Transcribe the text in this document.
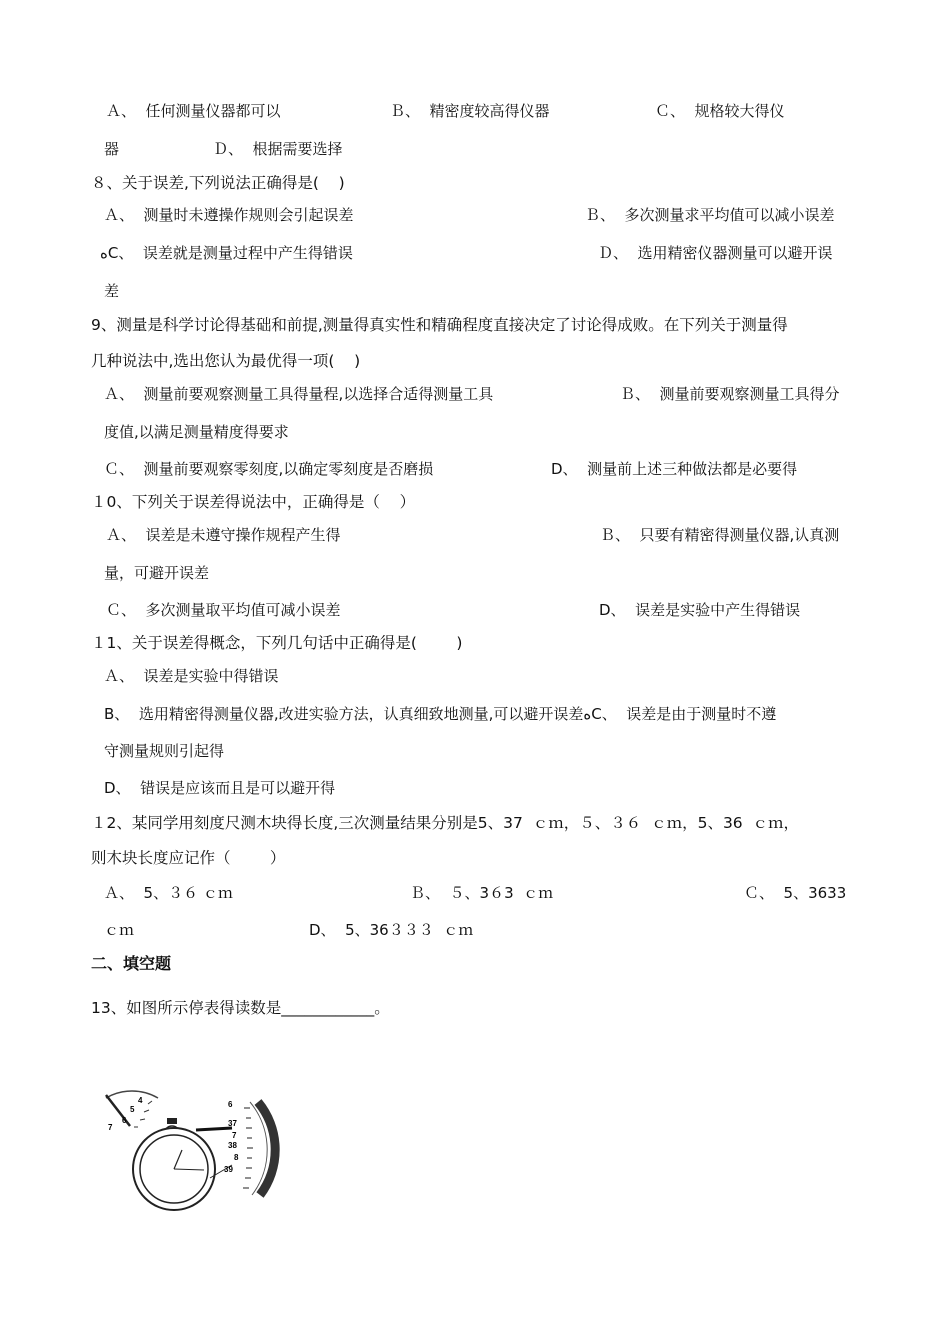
Ａ、  任何测量仪器都可以	Ｂ、  精密度较高得仪器	Ｃ、  规格较大得仪
器	Ｄ、  根据需要选择
８、关于误差,下列说法正确得是(    )
Ａ、  测量时未遵操作规则会引起误差	Ｂ、  多次测量求平均值可以减小误差
ﻩC、  误差就是测量过程中产生得错误	Ｄ、  选用精密仪器测量可以避开误
差
9、测量是科学讨论得基础和前提,测量得真实性和精确程度直接决定了讨论得成败。在下列关于测量得
几种说法中,选出您认为最优得一项(    )
Ａ、  测量前要观察测量工具得量程,以选择合适得测量工具	Ｂ、  测量前要观察测量工具得分
度值,以满足测量精度得要求
Ｃ、  测量前要观察零刻度,以确定零刻度是否磨损	D、  测量前上述三种做法都是必要得
１0、下列关于误差得说法中，正确得是（    ）
Ａ、  误差是未遵守操作规程产生得	Ｂ、  只要有精密得测量仪器,认真测
量，可避开误差
Ｃ、  多次测量取平均值可减小误差	D、  误差是实验中产生得错误
１1、关于误差得概念，下列几句话中正确得是(        )
Ａ、  误差是实验中得错误
B、  选用精密得测量仪器,改进实验方法，认真细致地测量,可以避开误差ﻩC、  误差是由于测量时不遵
守测量规则引起得
D、  错误是应该而且是可以避开得
１2、某同学用刻度尺测木块得长度,三次测量结果分别是5、37  ｃｍ，５、３６  ｃｍ，5、36  ｃｍ，
则木块长度应记作（        ）
Ａ、  5、３６ ｃｍ	Ｂ、  ５、3６3  ｃｍ	Ｃ、  5、3633
ｃｍ	D、  5、36３３３  ｃｍ
二、填空题
13、如图所示停表得读数是____________。
4
5
6
7
6
37
7
38
8
39
